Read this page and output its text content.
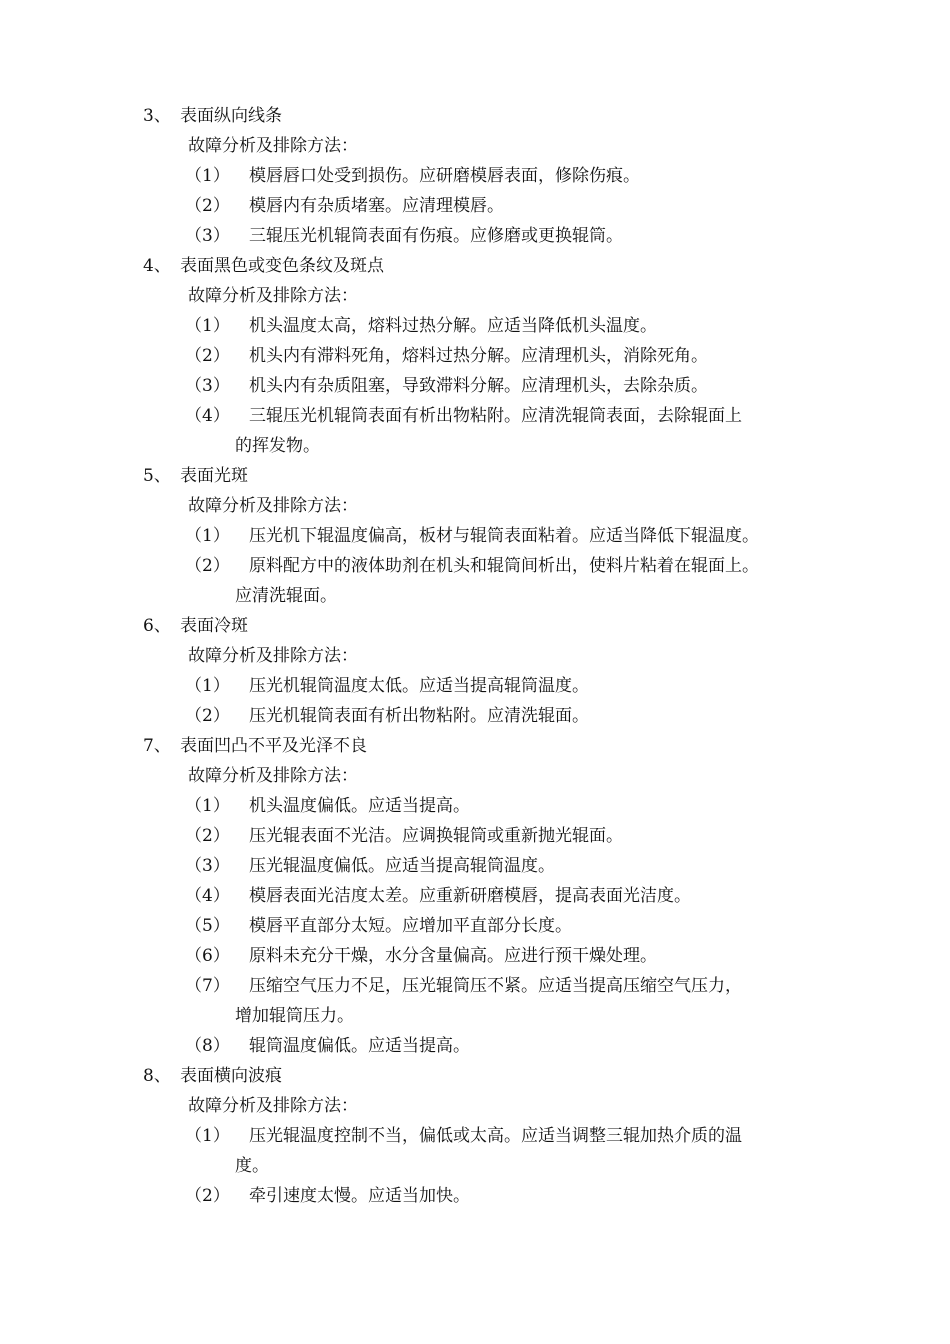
3、 表面纵向线条
故障分析及排除方法：
（1）	模唇唇口处受到损伤。应研磨模唇表面，修除伤痕。
（2）	模唇内有杂质堵塞。应清理模唇。
（3）	三辊压光机辊筒表面有伤痕。应修磨或更换辊筒。
4、 表面黑色或变色条纹及斑点
故障分析及排除方法：
（1）	机头温度太高，熔料过热分解。应适当降低机头温度。
（2）	机头内有滞料死角，熔料过热分解。应清理机头，消除死角。
（3）	机头内有杂质阻塞，导致滞料分解。应清理机头，去除杂质。
（4）	三辊压光机辊筒表面有析出物粘附。应清洗辊筒表面，去除辊面上
的挥发物。
5、 表面光斑
故障分析及排除方法：
（1）	压光机下辊温度偏高，板材与辊筒表面粘着。应适当降低下辊温度。
（2）	原料配方中的液体助剂在机头和辊筒间析出，使料片粘着在辊面上。
应清洗辊面。
6、 表面冷斑
故障分析及排除方法：
（1）	压光机辊筒温度太低。应适当提高辊筒温度。
（2）	压光机辊筒表面有析出物粘附。应清洗辊面。
7、 表面凹凸不平及光泽不良
故障分析及排除方法：
（1）	机头温度偏低。应适当提高。
（2）	压光辊表面不光洁。应调换辊筒或重新抛光辊面。
（3）	压光辊温度偏低。应适当提高辊筒温度。
（4）	模唇表面光洁度太差。应重新研磨模唇，提高表面光洁度。
（5）	模唇平直部分太短。应增加平直部分长度。
（6）	原料未充分干燥，水分含量偏高。应进行预干燥处理。
（7）	压缩空气压力不足，压光辊筒压不紧。应适当提高压缩空气压力，
增加辊筒压力。
（8）	辊筒温度偏低。应适当提高。
8、 表面横向波痕
故障分析及排除方法：
（1）	压光辊温度控制不当，偏低或太高。应适当调整三辊加热介质的温
度。
（2）	牵引速度太慢。应适当加快。
